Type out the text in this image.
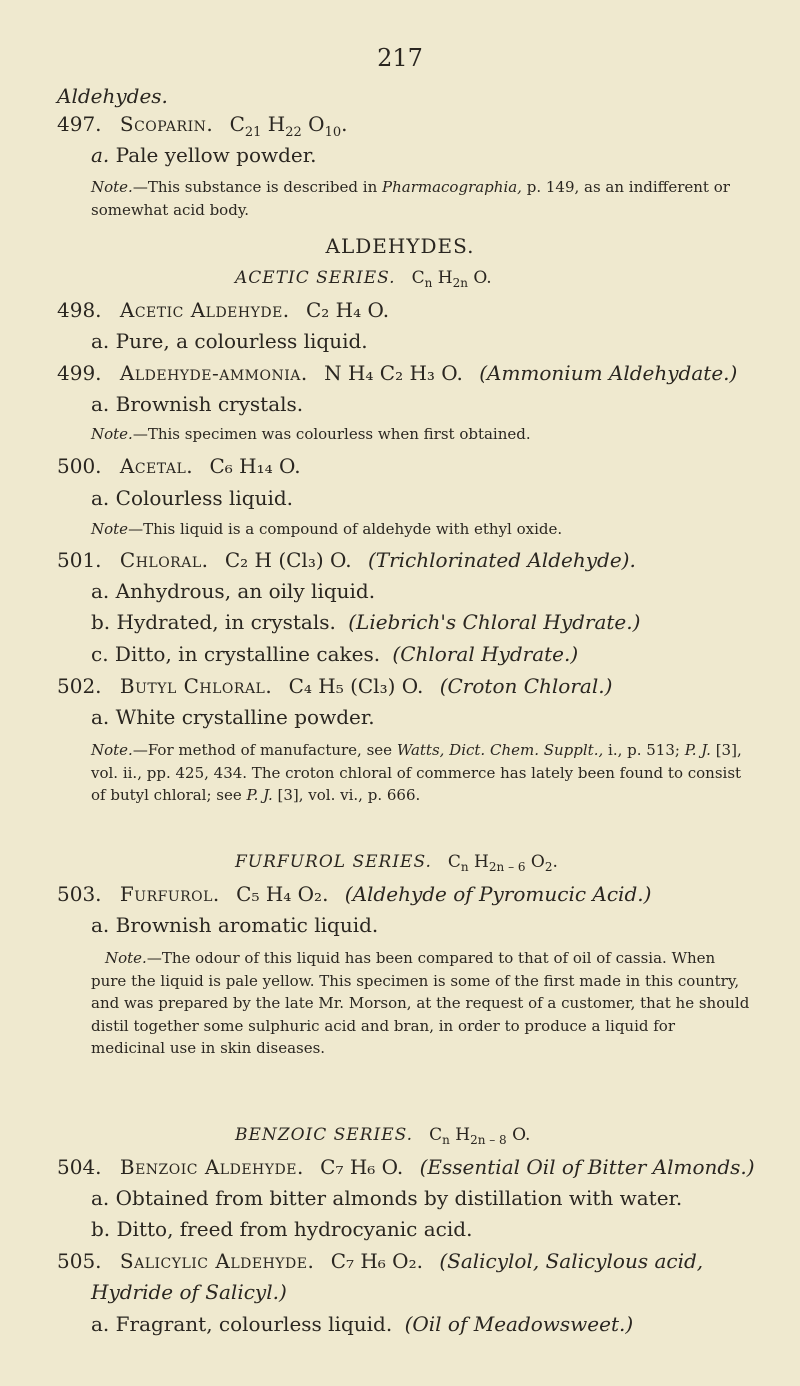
217
Aldehydes.
497. Scoparin. $C_{21}$ $H_{22}$ $O_{10}$.
a. Pale yellow powder.
Note.—This substance is described in Pharmacographia, p. 149, as an indifferent or somewhat acid body.
ALDEHYDES.
ACETIC SERIES. $C_n$ $H_{2n}$ O.
498. Acetic Aldehyde. C₂ H₄ O.
a. Pure, a colourless liquid.
499. Aldehyde-ammonia. N H₄ C₂ H₃ O. (Ammonium Aldehydate.)
a. Brownish crystals.
Note.—This specimen was colourless when first obtained.
500. Acetal. C₆ H₁₄ O.
a. Colourless liquid.
Note—This liquid is a compound of aldehyde with ethyl oxide.
501. Chloral. C₂ H (Cl₃) O. (Trichlorinated Aldehyde).
a. Anhydrous, an oily liquid.
b. Hydrated, in crystals. (Liebrich's Chloral Hydrate.)
c. Ditto, in crystalline cakes. (Chloral Hydrate.)
502. Butyl Chloral. C₄ H₅ (Cl₃) O. (Croton Chloral.)
a. White crystalline powder.
Note.—For method of manufacture, see Watts, Dict. Chem. Supplt., i., p. 513; P. J. [3], vol. ii., pp. 425, 434. The croton chloral of commerce has lately been found to consist of butyl chloral; see P. J. [3], vol. vi., p. 666.
FURFUROL SERIES. $C_n$ $H_{2n - 6}$ $O_2$.
503. Furfurol. C₅ H₄ O₂. (Aldehyde of Pyromucic Acid.)
a. Brownish aromatic liquid.
Note.—The odour of this liquid has been compared to that of oil of cassia. When pure the liquid is pale yellow. This specimen is some of the first made in this country, and was prepared by the late Mr. Morson, at the request of a customer, that he should distil together some sulphuric acid and bran, in order to produce a liquid for medicinal use in skin diseases.
BENZOIC SERIES. $C_n$ $H_{2n - 8}$ O.
504. Benzoic Aldehyde. C₇ H₆ O. (Essential Oil of Bitter Almonds.)
a. Obtained from bitter almonds by distillation with water.
b. Ditto, freed from hydrocyanic acid.
505. Salicylic Aldehyde. C₇ H₆ O₂. (Salicylol, Salicylous acid,
Hydride of Salicyl.)
a. Fragrant, colourless liquid. (Oil of Meadowsweet.)
